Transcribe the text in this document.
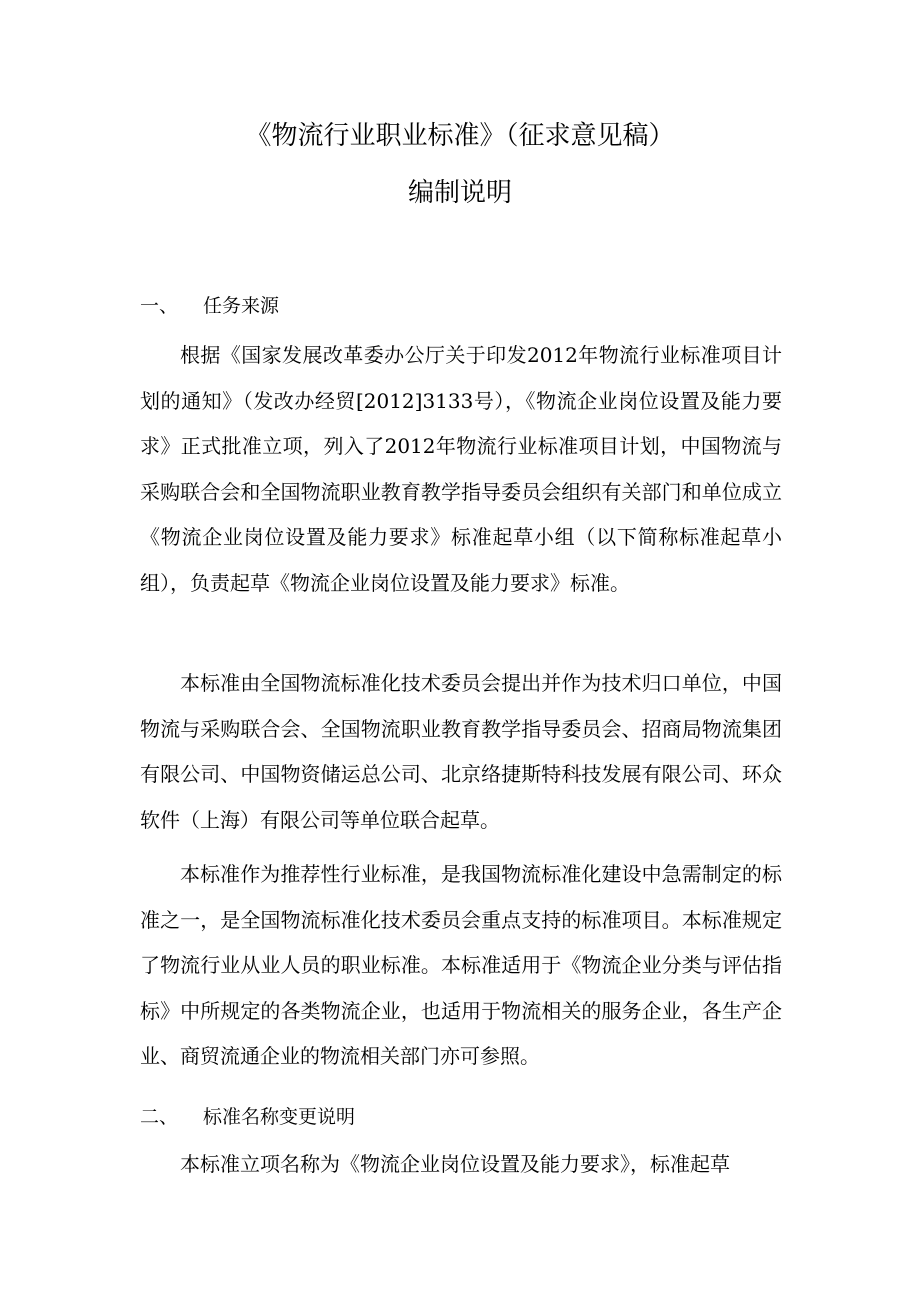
《物流行业职业标准》（征求意见稿）
编制说明
一、 任务来源

根据《国家发展改革委办公厅关于印发2012年物流行业标准项目计划的通知》（发改办经贸[2012]3133号），《物流企业岗位设置及能力要求》正式批准立项，列入了2012年物流行业标准项目计划，中国物流与采购联合会和全国物流职业教育教学指导委员会组织有关部门和单位成立《物流企业岗位设置及能力要求》标准起草小组（以下简称标准起草小组），负责起草《物流企业岗位设置及能力要求》标准。

本标准由全国物流标准化技术委员会提出并作为技术归口单位，中国物流与采购联合会、全国物流职业教育教学指导委员会、招商局物流集团有限公司、中国物资储运总公司、北京络捷斯特科技发展有限公司、环众软件（上海）有限公司等单位联合起草。

本标准作为推荐性行业标准，是我国物流标准化建设中急需制定的标准之一，是全国物流标准化技术委员会重点支持的标准项目。本标准规定了物流行业从业人员的职业标准。本标准适用于《物流企业分类与评估指标》中所规定的各类物流企业，也适用于物流相关的服务企业，各生产企业、商贸流通企业的物流相关部门亦可参照。

二、 标准名称变更说明

本标准立项名称为《物流企业岗位设置及能力要求》，标准起草
